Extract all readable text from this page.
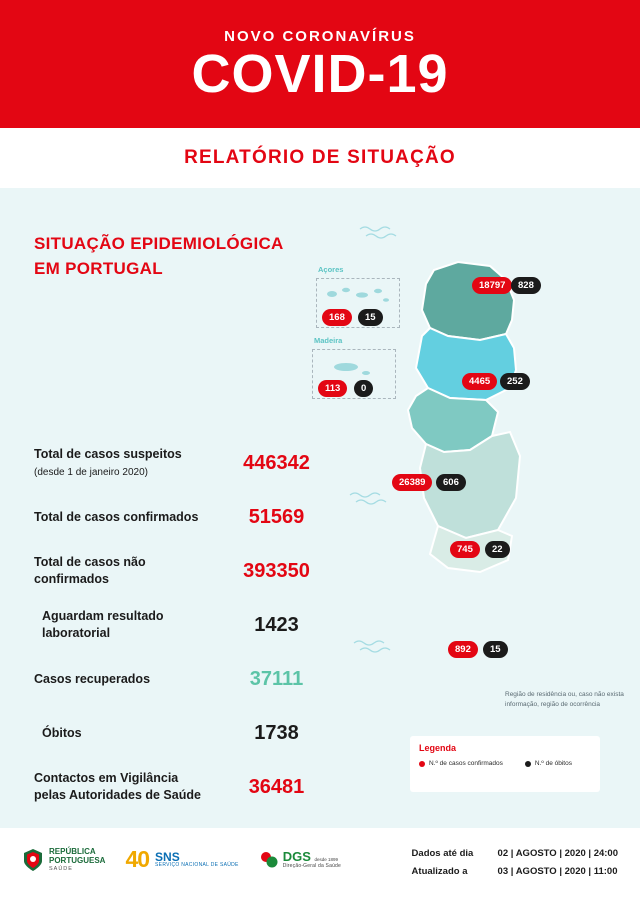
NOVO CORONAVÍRUS
COVID-19
RELATÓRIO DE SITUAÇÃO
SITUAÇÃO EPIDEMIOLÓGICA EM PORTUGAL
Total de casos suspeitos (desde 1 de janeiro 2020)	446342
Total de casos confirmados	51569
Total de casos não confirmados	393350
Aguardam resultado laboratorial	1423
Casos recuperados	37111
Óbitos	1738
Contactos em Vigilância pelas Autoridades de Saúde	36481
18797	828
4465	252
26389	606
745	22
892	15
Açores
168	15
Madeira
113	0
Região de residência ou, caso não exista informação, região de ocorrência
Legenda
N.º de casos confirmados	N.º de óbitos
REPÚBLICA
PORTUGUESA
SAÚDE	40 SNS
SERVIÇO NACIONAL DE SAÚDE
DGS desde 1899
Direção-Geral da Saúde
Dados até dia	02 | AGOSTO | 2020 | 24:00
Atualizado a	03 | AGOSTO | 2020 | 11:00
